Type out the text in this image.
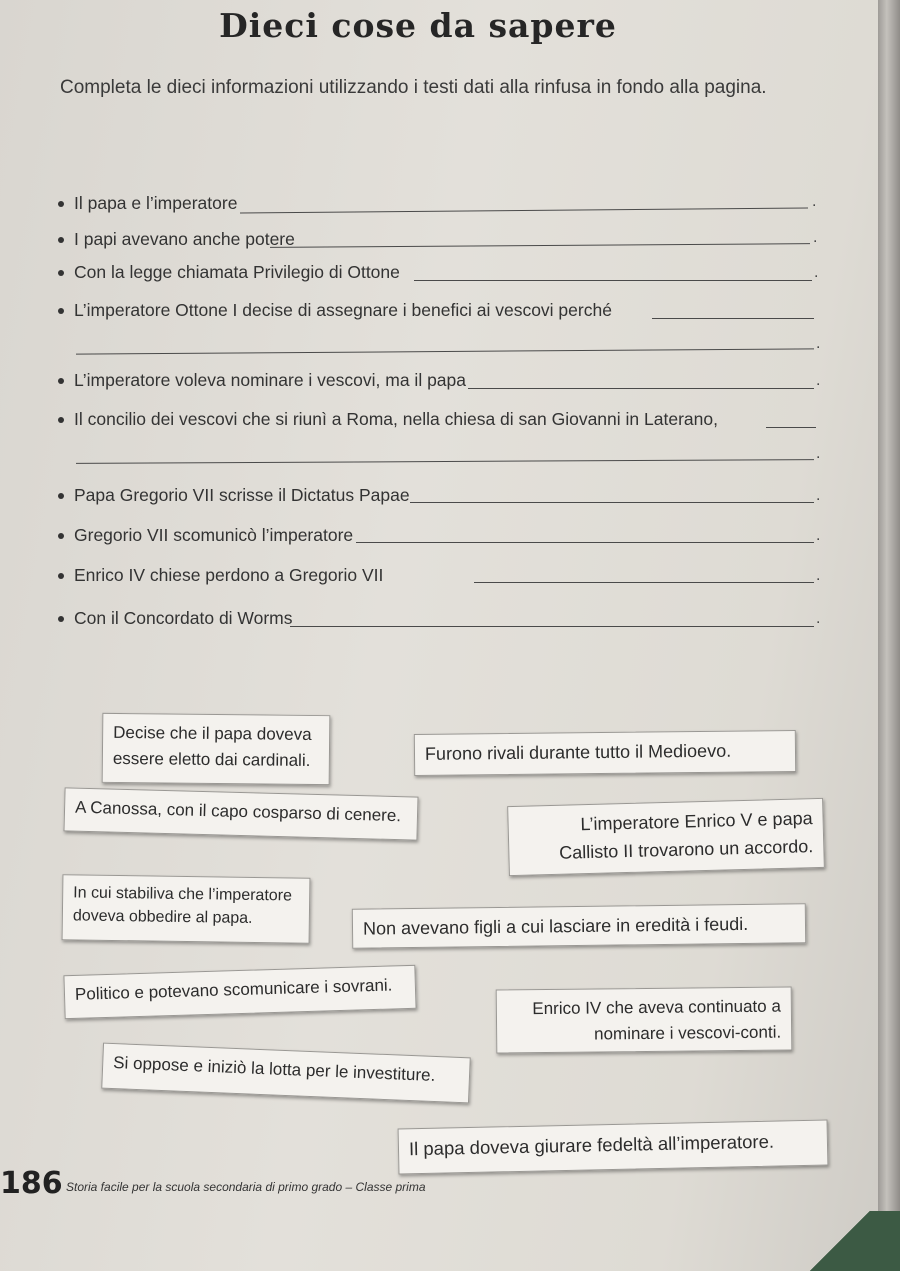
Dieci cose da sapere
Completa le dieci informazioni utilizzando i testi dati alla rinfusa in fondo alla pagina.
Il papa e l’imperatore	.
I papi avevano anche potere	.
Con la legge chiamata Privilegio di Ottone	.
L’imperatore Ottone I decise di assegnare i benefici ai vescovi perché
.
L’imperatore voleva nominare i vescovi, ma il papa	.
Il concilio dei vescovi che si riunì a Roma, nella chiesa di san Giovanni in Laterano,
.
Papa Gregorio VII scrisse il Dictatus Papae	.
Gregorio VII scomunicò l’imperatore	.
Enrico IV chiese perdono a Gregorio VII	.
Con il Concordato di Worms	.
Decise che il papa doveva essere eletto dai cardinali.	Furono rivali durante tutto il Medioevo.
A Canossa, con il capo cosparso di cenere.	L’imperatore Enrico V e papa Callisto II trovarono un accordo.
In cui stabiliva che l’imperatore doveva obbedire al papa.	Non avevano figli a cui lasciare in eredità i feudi.
Politico e potevano scomunicare i sovrani.
Enrico IV che aveva continuato a nominare i vescovi-conti.
Si oppose e iniziò la lotta per le investiture.
Il papa doveva giurare fedeltà all’imperatore.
186 Storia facile per la scuola secondaria di primo grado – Classe prima
